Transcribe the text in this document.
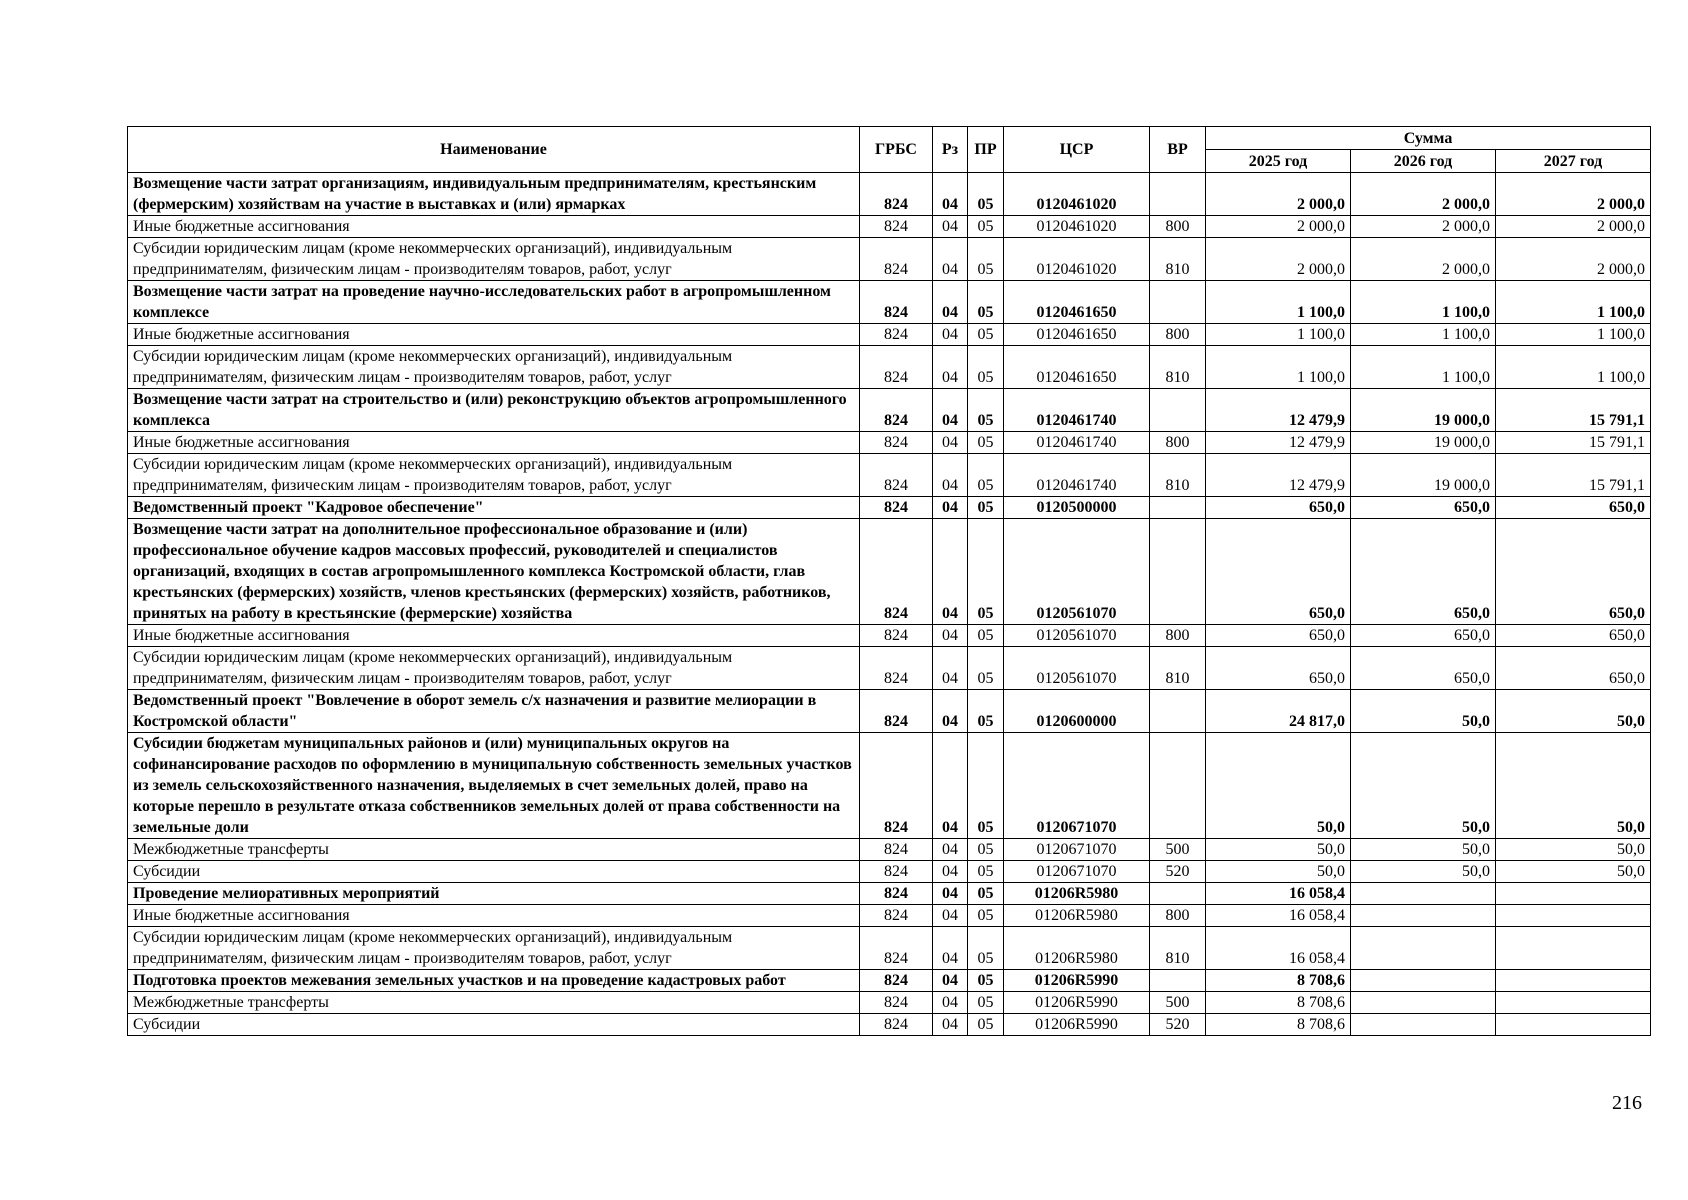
Наименование	ГРБС	Рз	ПР	ЦСР	ВР	Сумма		
						2025 год	2026 год	2027 год
Возмещение части затрат организациям, индивидуальным предпринимателям, крестьянским (фермерским) хозяйствам на участие в выставках и (или) ярмарках	824	04	05	0120461020		2 000,0	2 000,0	2 000,0
Иные бюджетные ассигнования	824	04	05	0120461020	800	2 000,0	2 000,0	2 000,0
Субсидии юридическим лицам (кроме некоммерческих организаций), индивидуальным предпринимателям, физическим лицам - производителям товаров, работ, услуг	824	04	05	0120461020	810	2 000,0	2 000,0	2 000,0
Возмещение части затрат на проведение научно-исследовательских работ в агропромышленном комплексе	824	04	05	0120461650		1 100,0	1 100,0	1 100,0
Иные бюджетные ассигнования	824	04	05	0120461650	800	1 100,0	1 100,0	1 100,0
Субсидии юридическим лицам (кроме некоммерческих организаций), индивидуальным предпринимателям, физическим лицам - производителям товаров, работ, услуг	824	04	05	0120461650	810	1 100,0	1 100,0	1 100,0
Возмещение части затрат на строительство и (или) реконструкцию объектов агропромышленного комплекса	824	04	05	0120461740		12 479,9	19 000,0	15 791,1
Иные бюджетные ассигнования	824	04	05	0120461740	800	12 479,9	19 000,0	15 791,1
Субсидии юридическим лицам (кроме некоммерческих организаций), индивидуальным предпринимателям, физическим лицам - производителям товаров, работ, услуг	824	04	05	0120461740	810	12 479,9	19 000,0	15 791,1
Ведомственный проект "Кадровое обеспечение"	824	04	05	0120500000		650,0	650,0	650,0
Возмещение части затрат на дополнительное профессиональное образование и (или) профессиональное обучение кадров массовых профессий, руководителей и специалистов организаций, входящих в состав агропромышленного комплекса Костромской области, глав крестьянских (фермерских) хозяйств, членов крестьянских (фермерских) хозяйств, работников, принятых на работу в крестьянские (фермерские) хозяйства	824	04	05	0120561070		650,0	650,0	650,0
Иные бюджетные ассигнования	824	04	05	0120561070	800	650,0	650,0	650,0
Субсидии юридическим лицам (кроме некоммерческих организаций), индивидуальным предпринимателям, физическим лицам - производителям товаров, работ, услуг	824	04	05	0120561070	810	650,0	650,0	650,0
Ведомственный проект "Вовлечение в оборот земель с/х назначения и развитие мелиорации в Костромской области"	824	04	05	0120600000		24 817,0	50,0	50,0
Субсидии бюджетам муниципальных районов и (или) муниципальных округов на софинансирование расходов по оформлению в муниципальную собственность земельных участков из земель сельскохозяйственного назначения, выделяемых в счет земельных долей, право на которые перешло в результате отказа собственников земельных долей от права собственности на земельные доли	824	04	05	0120671070		50,0	50,0	50,0
Межбюджетные трансферты	824	04	05	0120671070	500	50,0	50,0	50,0
Субсидии	824	04	05	0120671070	520	50,0	50,0	50,0
Проведение мелиоративных мероприятий	824	04	05	01206R5980		16 058,4		
Иные бюджетные ассигнования	824	04	05	01206R5980	800	16 058,4		
Субсидии юридическим лицам (кроме некоммерческих организаций), индивидуальным предпринимателям, физическим лицам - производителям товаров, работ, услуг	824	04	05	01206R5980	810	16 058,4		
Подготовка проектов межевания земельных участков и на проведение кадастровых работ	824	04	05	01206R5990		8 708,6		
Межбюджетные трансферты	824	04	05	01206R5990	500	8 708,6		
Субсидии	824	04	05	01206R5990	520	8 708,6		
216
